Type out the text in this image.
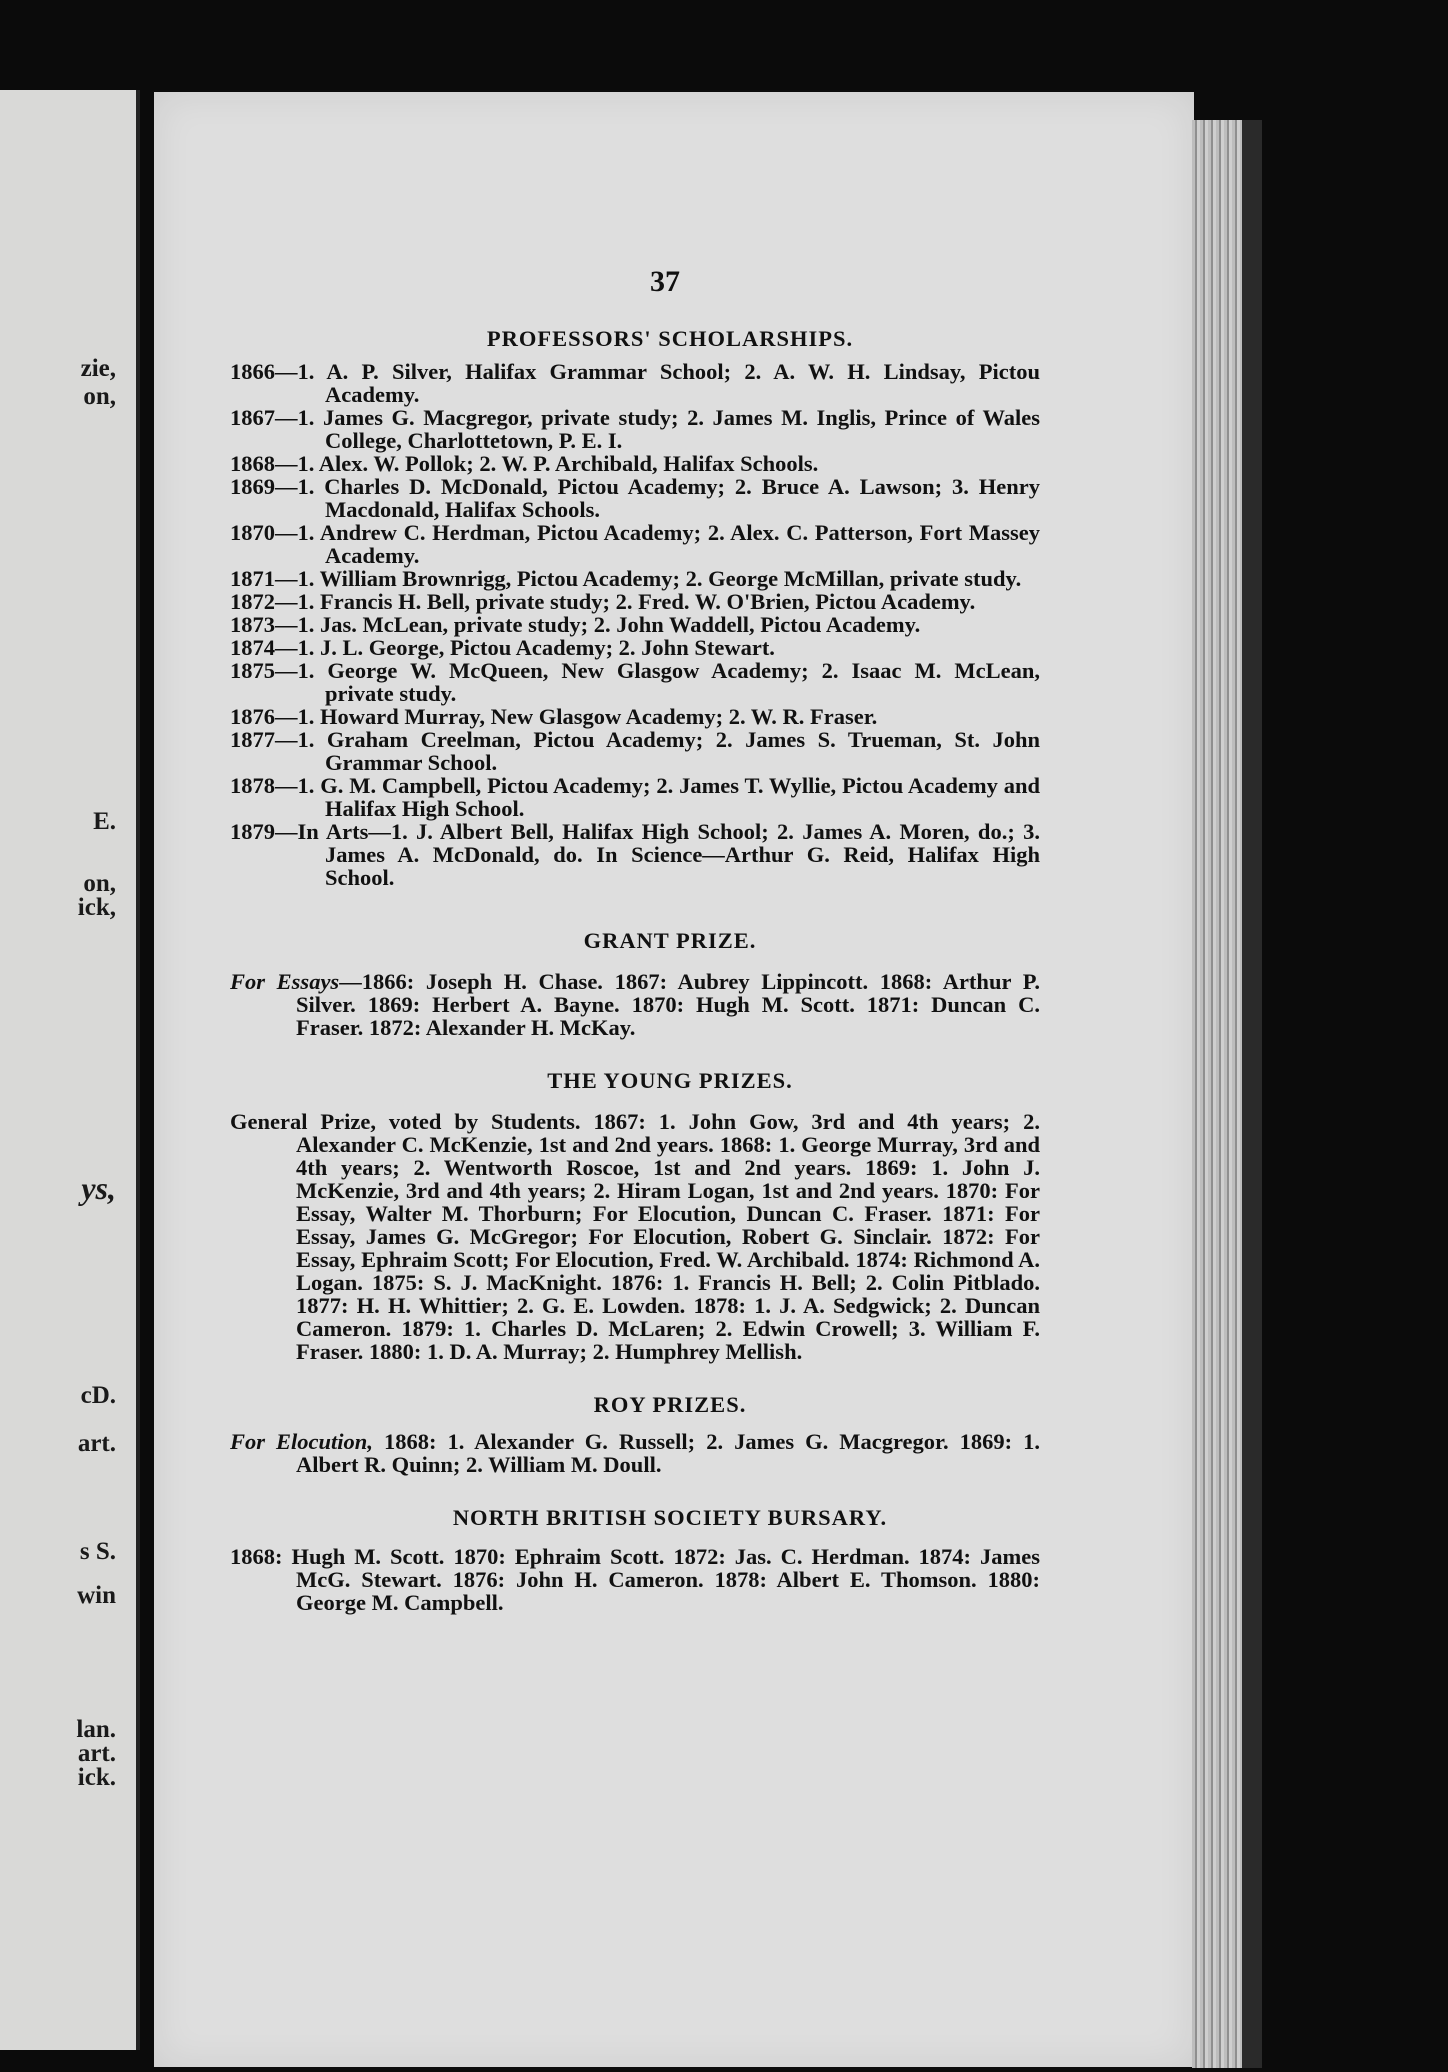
zie,
on,
E.
on,
ick,
ys,
cD.
art.
s S.
win
lan.
art.
ick.
37
PROFESSORS' SCHOLARSHIPS.
1866—1. A. P. Silver, Halifax Grammar School; 2. A. W. H. Lindsay, Pictou Academy.
1867—1. James G. Macgregor, private study; 2. James M. Inglis, Prince of Wales College, Charlottetown, P. E. I.
1868—1. Alex. W. Pollok; 2. W. P. Archibald, Halifax Schools.
1869—1. Charles D. McDonald, Pictou Academy; 2. Bruce A. Lawson; 3. Henry Macdonald, Halifax Schools.
1870—1. Andrew C. Herdman, Pictou Academy; 2. Alex. C. Patterson, Fort Massey Academy.
1871—1. William Brownrigg, Pictou Academy; 2. George McMillan, private study.
1872—1. Francis H. Bell, private study; 2. Fred. W. O'Brien, Pictou Academy.
1873—1. Jas. McLean, private study; 2. John Waddell, Pictou Academy.
1874—1. J. L. George, Pictou Academy; 2. John Stewart.
1875—1. George W. McQueen, New Glasgow Academy; 2. Isaac M. McLean, private study.
1876—1. Howard Murray, New Glasgow Academy; 2. W. R. Fraser.
1877—1. Graham Creelman, Pictou Academy; 2. James S. Trueman, St. John Grammar School.
1878—1. G. M. Campbell, Pictou Academy; 2. James T. Wyllie, Pictou Academy and Halifax High School.
1879—In Arts—1. J. Albert Bell, Halifax High School; 2. James A. Moren, do.; 3. James A. McDonald, do. In Science—Arthur G. Reid, Halifax High School.
GRANT PRIZE.
For Essays—1866: Joseph H. Chase. 1867: Aubrey Lippincott. 1868: Arthur P. Silver. 1869: Herbert A. Bayne. 1870: Hugh M. Scott. 1871: Duncan C. Fraser. 1872: Alexander H. McKay.
THE YOUNG PRIZES.
General Prize, voted by Students. 1867: 1. John Gow, 3rd and 4th years; 2. Alexander C. McKenzie, 1st and 2nd years. 1868: 1. George Murray, 3rd and 4th years; 2. Wentworth Roscoe, 1st and 2nd years. 1869: 1. John J. McKenzie, 3rd and 4th years; 2. Hiram Logan, 1st and 2nd years. 1870: For Essay, Walter M. Thorburn; For Elocution, Duncan C. Fraser. 1871: For Essay, James G. McGregor; For Elocution, Robert G. Sinclair. 1872: For Essay, Ephraim Scott; For Elocution, Fred. W. Archibald. 1874: Richmond A. Logan. 1875: S. J. MacKnight. 1876: 1. Francis H. Bell; 2. Colin Pitblado. 1877: H. H. Whittier; 2. G. E. Lowden. 1878: 1. J. A. Sedgwick; 2. Duncan Cameron. 1879: 1. Charles D. McLaren; 2. Edwin Crowell; 3. William F. Fraser. 1880: 1. D. A. Murray; 2. Humphrey Mellish.
ROY PRIZES.
For Elocution, 1868: 1. Alexander G. Russell; 2. James G. Macgregor. 1869: 1. Albert R. Quinn; 2. William M. Doull.
NORTH BRITISH SOCIETY BURSARY.
1868: Hugh M. Scott. 1870: Ephraim Scott. 1872: Jas. C. Herdman. 1874: James McG. Stewart. 1876: John H. Cameron. 1878: Albert E. Thomson. 1880: George M. Campbell.
